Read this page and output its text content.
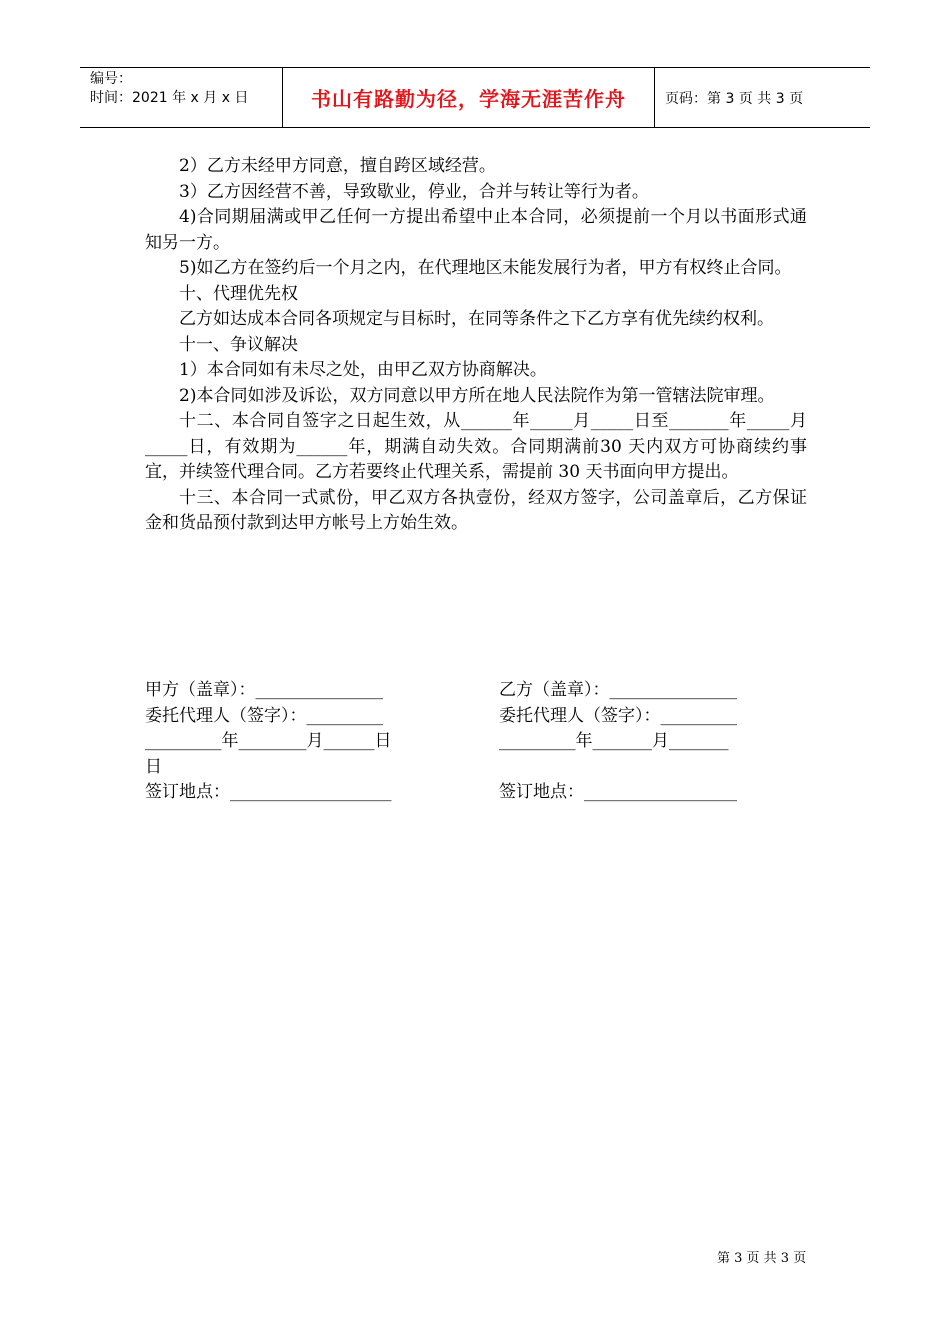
编号：
时间：2021 年 x 月 x 日	书山有路勤为径，学海无涯苦作舟	页码：第 3 页 共 3 页

2）乙方未经甲方同意，擅自跨区域经营。

3）乙方因经营不善，导致歇业，停业，合并与转让等行为者。

4)合同期届满或甲乙任何一方提出希望中止本合同，必须提前一个月以书面形式通知另一方。

5)如乙方在签约后一个月之内，在代理地区未能发展行为者，甲方有权终止合同。

十、代理优先权

乙方如达成本合同各项规定与目标时，在同等条件之下乙方享有优先续约权利。

十一、争议解决

1）本合同如有未尽之处，由甲乙双方协商解决。

2)本合同如涉及诉讼，双方同意以甲方所在地人民法院作为第一管辖法院审理。

十二、本合同自签字之日起生效，从______年_____月_____日至_______年_____月_____日，有效期为______年，期满自动失效。合同期满前30 天内双方可协商续约事宜，并续签代理合同。乙方若要终止代理关系，需提前 30 天书面向甲方提出。

十三、本合同一式贰份，甲乙双方各执壹份，经双方签字，公司盖章后，乙方保证金和货品预付款到达甲方帐号上方始生效。

甲方（盖章）：_______________	乙方（盖章）：_______________
委托代理人（签字）：_________	委托代理人（签字）：_________
_________年________月______日	_________年_______月_______
日
签订地点：___________________	签订地点：__________________
第 3 页 共 3 页
